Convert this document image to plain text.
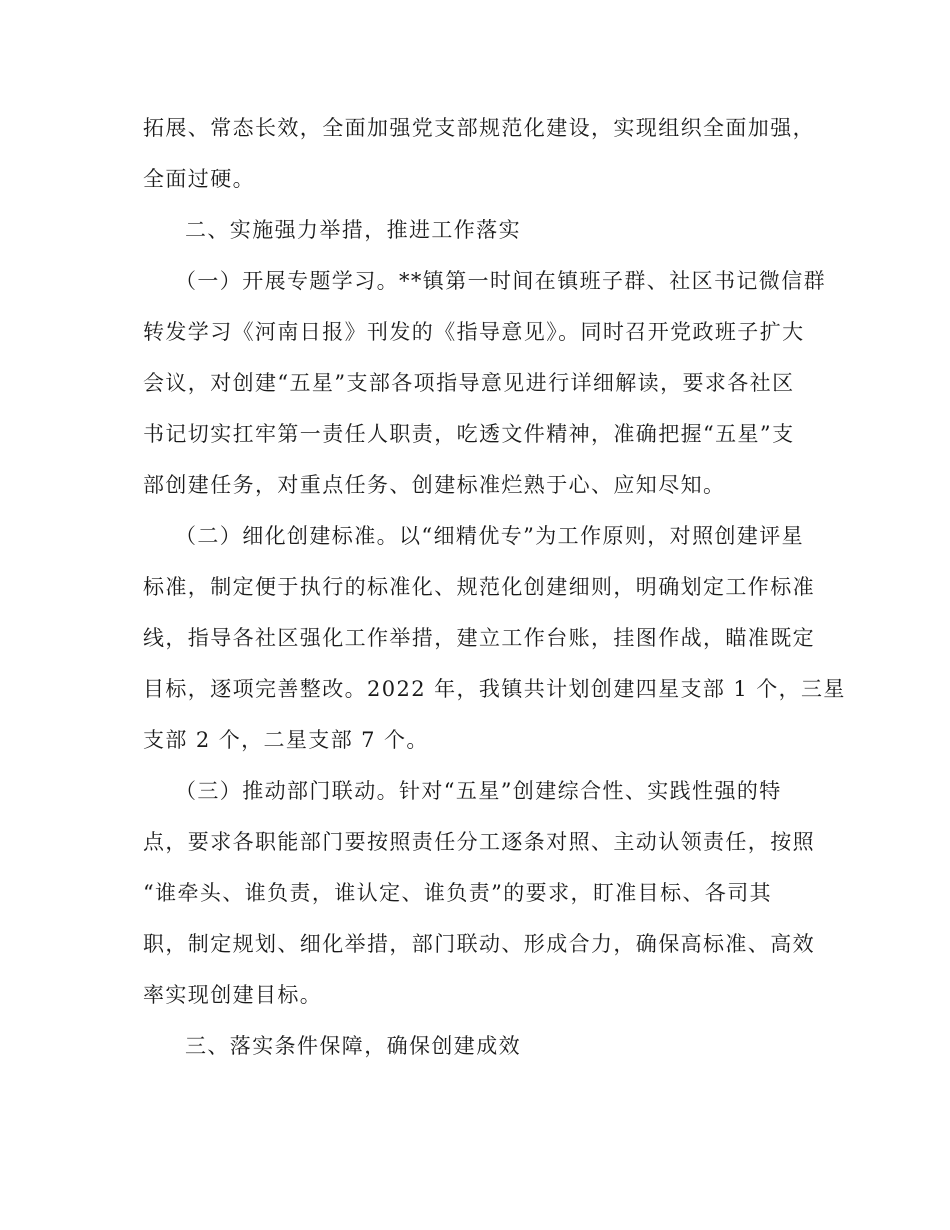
拓展、常态长效，全面加强党支部规范化建设，实现组织全面加强，
全面过硬。
二、实施强力举措，推进工作落实
（一）开展专题学习。**镇第一时间在镇班子群、社区书记微信群
转发学习《河南日报》刊发的《指导意见》。同时召开党政班子扩大
会议，对创建“五星”支部各项指导意见进行详细解读，要求各社区
书记切实扛牢第一责任人职责，吃透文件精神，准确把握“五星”支
部创建任务，对重点任务、创建标准烂熟于心、应知尽知。
（二）细化创建标准。以“细精优专”为工作原则，对照创建评星
标准，制定便于执行的标准化、规范化创建细则，明确划定工作标准
线，指导各社区强化工作举措，建立工作台账，挂图作战，瞄准既定
目标，逐项完善整改。2022 年，我镇共计划创建四星支部 1 个，三星
支部 2 个，二星支部 7 个。
（三）推动部门联动。针对“五星”创建综合性、实践性强的特
点，要求各职能部门要按照责任分工逐条对照、主动认领责任，按照
“谁牵头、谁负责，谁认定、谁负责”的要求，盯准目标、各司其
职，制定规划、细化举措，部门联动、形成合力，确保高标准、高效
率实现创建目标。
三、落实条件保障，确保创建成效
